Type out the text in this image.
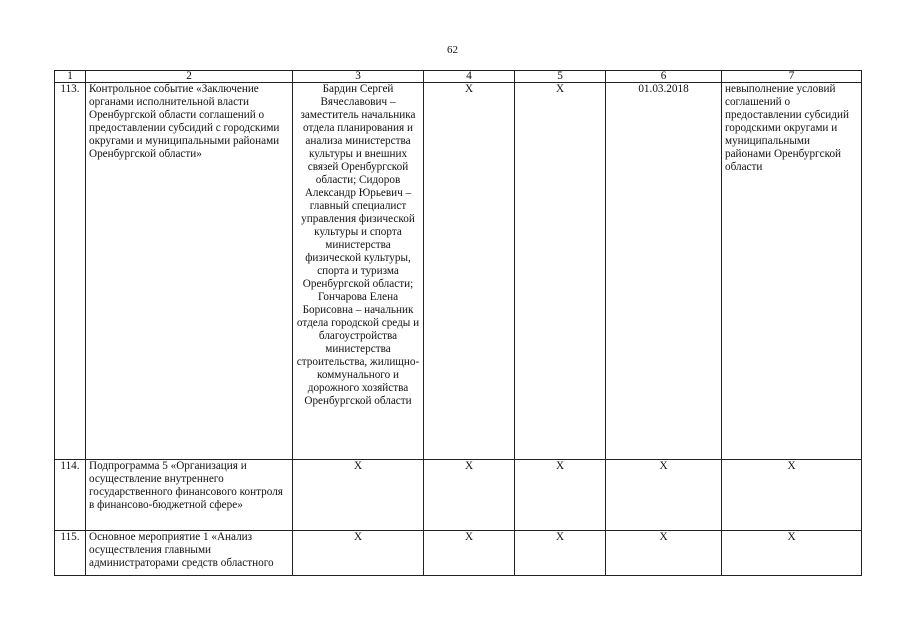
62
1	2	3	4	5	6	7
113.	Контрольное событие «Заключение органами исполнительной власти Оренбургской области соглашений о предоставлении субсидий с городскими округами и муниципальными районами Оренбургской области»	Бардин Сергей Вячеславович – заместитель начальника отдела планирования и анализа министерства культуры и внешних связей Оренбургской области; Сидоров Александр Юрьевич – главный специалист управления физической культуры и спорта министерства физической культуры, спорта и туризма Оренбургской области; Гончарова Елена Борисовна – начальник отдела городской среды и благоустройства министерства строительства, жилищно-коммунального и дорожного хозяйства Оренбургской области	Х	Х	01.03.2018	невыполнение условий соглашений о предоставлении субсидий городскими округами и муниципальными районами Оренбургской области
114.	Подпрограмма 5 «Организация и осуществление внутреннего государственного финансового контроля в финансово-бюджетной сфере»	Х	Х	Х	Х	Х
115.	Основное мероприятие 1 «Анализ осуществления главными администраторами средств областного	Х	Х	Х	Х	Х
